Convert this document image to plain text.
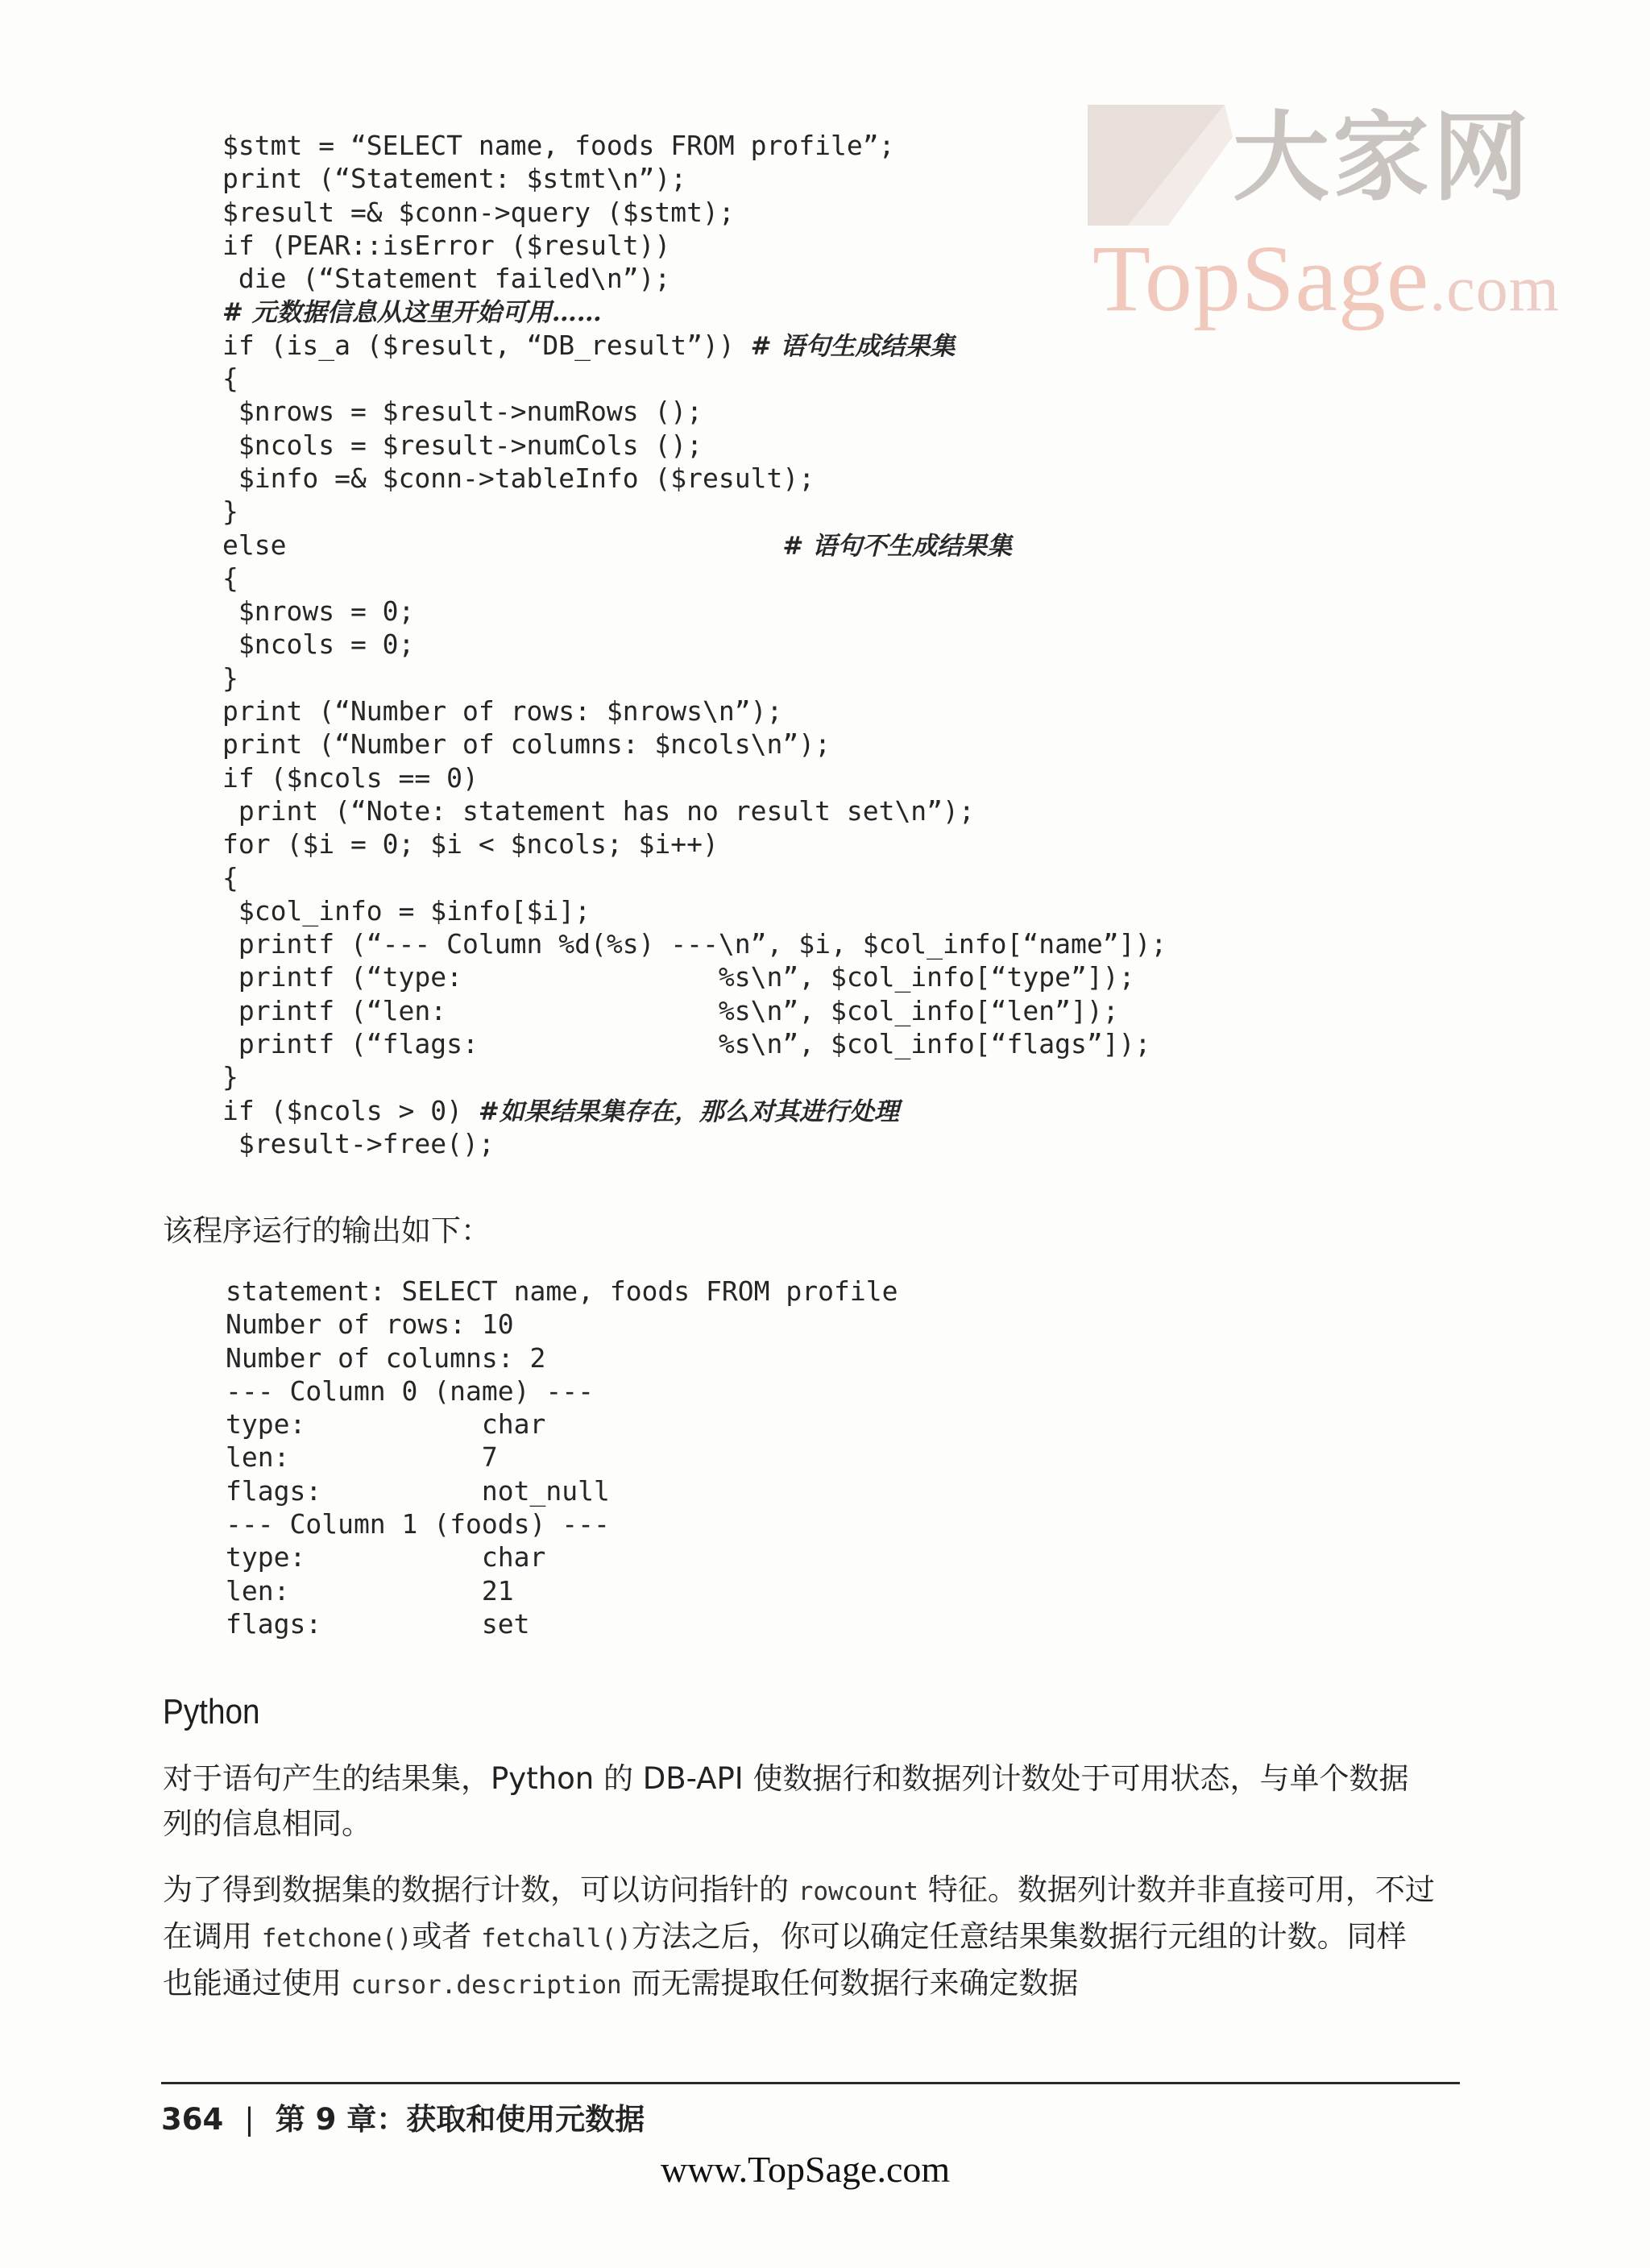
大家网
TopSage.com
$stmt = “SELECT name, foods FROM profile”;
print (“Statement: $stmt\n”);
$result =& $conn->query ($stmt);
if (PEAR::isError ($result))
die (“Statement failed\n”);
# 元数据信息从这里开始可用……
if (is_a ($result, “DB_result”)) # 语句生成结果集
{
$nrows = $result->numRows ();
$ncols = $result->numCols ();
$info =& $conn->tableInfo ($result);
}
else                               # 语句不生成结果集
{
$nrows = 0;
$ncols = 0;
}
print (“Number of rows: $nrows\n”);
print (“Number of columns: $ncols\n”);
if ($ncols == 0)
print (“Note: statement has no result set\n”);
for ($i = 0; $i < $ncols; $i++)
{
$col_info = $info[$i];
printf (“--- Column %d(%s) ---\n”, $i, $col_info[“name”]);
printf (“type:                %s\n”, $col_info[“type”]);
printf (“len:                 %s\n”, $col_info[“len”]);
printf (“flags:               %s\n”, $col_info[“flags”]);
}
if ($ncols > 0) #如果结果集存在，那么对其进行处理
$result->free();
该程序运行的输出如下：
statement: SELECT name, foods FROM profile
Number of rows: 10
Number of columns: 2
--- Column 0 (name) ---
type:           char
len:            7
flags:          not_null
--- Column 1 (foods) ---
type:           char
len:            21
flags:          set
Python
对于语句产生的结果集，Python 的 DB-API 使数据行和数据列计数处于可用状态，与单个数据列的信息相同。
为了得到数据集的数据行计数，可以访问指针的 rowcount 特征。数据列计数并非直接可用，不过在调用 fetchone()或者 fetchall()方法之后，你可以确定任意结果集数据行元组的计数。同样也能通过使用 cursor.description 而无需提取任何数据行来确定数据
364 | 第 9 章：获取和使用元数据
www.TopSage.com
